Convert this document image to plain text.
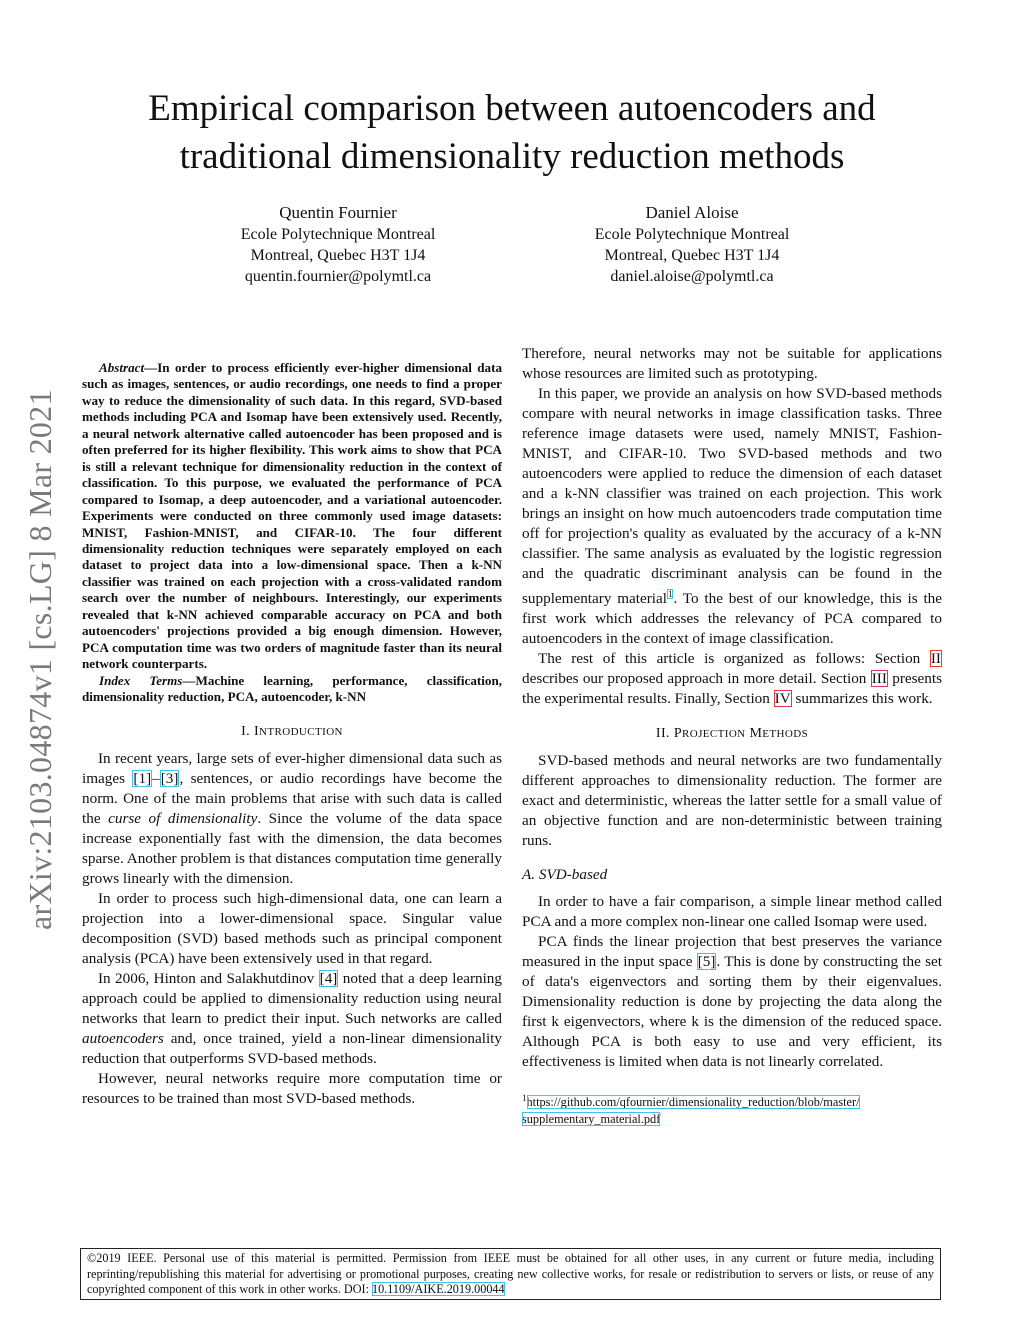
Empirical comparison between autoencoders and
traditional dimensionality reduction methods
Quentin Fournier
Ecole Polytechnique Montreal
Montreal, Quebec H3T 1J4
quentin.fournier@polymtl.ca
Daniel Aloise
Ecole Polytechnique Montreal
Montreal, Quebec H3T 1J4
daniel.aloise@polymtl.ca
arXiv:2103.04874v1 [cs.LG] 8 Mar 2021

Abstract—In order to process efficiently ever-higher dimensional data such as images, sentences, or audio recordings, one needs to find a proper way to reduce the dimensionality of such data. In this regard, SVD-based methods including PCA and Isomap have been extensively used. Recently, a neural network alternative called autoencoder has been proposed and is often preferred for its higher flexibility. This work aims to show that PCA is still a relevant technique for dimensionality reduction in the context of classification. To this purpose, we evaluated the performance of PCA compared to Isomap, a deep autoencoder, and a variational autoencoder. Experiments were conducted on three commonly used image datasets: MNIST, Fashion-MNIST, and CIFAR-10. The four different dimensionality reduction techniques were separately employed on each dataset to project data into a low-dimensional space. Then a k-NN classifier was trained on each projection with a cross-validated random search over the number of neighbours. Interestingly, our experiments revealed that k-NN achieved comparable accuracy on PCA and both autoencoders' projections provided a big enough dimension. However, PCA computation time was two orders of magnitude faster than its neural network counterparts.

Index Terms—Machine learning, performance, classification, dimensionality reduction, PCA, autoencoder, k-NN

I. INTRODUCTION

In recent years, large sets of ever-higher dimensional data such as images [1]–[3], sentences, or audio recordings have become the norm. One of the main problems that arise with such data is called the curse of dimensionality. Since the volume of the data space increase exponentially fast with the dimension, the data becomes sparse. Another problem is that distances computation time generally grows linearly with the dimension.

In order to process such high-dimensional data, one can learn a projection into a lower-dimensional space. Singular value decomposition (SVD) based methods such as principal component analysis (PCA) have been extensively used in that regard.

In 2006, Hinton and Salakhutdinov [4] noted that a deep learning approach could be applied to dimensionality reduction using neural networks that learn to predict their input. Such networks are called autoencoders and, once trained, yield a non-linear dimensionality reduction that outperforms SVD-based methods.

However, neural networks require more computation time or resources to be trained than most SVD-based methods.

Therefore, neural networks may not be suitable for applications whose resources are limited such as prototyping.

In this paper, we provide an analysis on how SVD-based methods compare with neural networks in image classification tasks. Three reference image datasets were used, namely MNIST, Fashion-MNIST, and CIFAR-10. Two SVD-based methods and two autoencoders were applied to reduce the dimension of each dataset and a k-NN classifier was trained on each projection. This work brings an insight on how much autoencoders trade computation time off for projection's quality as evaluated by the accuracy of a k-NN classifier. The same analysis as evaluated by the logistic regression and the quadratic discriminant analysis can be found in the supplementary material$^1$. To the best of our knowledge, this is the first work which addresses the relevancy of PCA compared to autoencoders in the context of image classification.

The rest of this article is organized as follows: Section II describes our proposed approach in more detail. Section III presents the experimental results. Finally, Section IV summarizes this work.

II. PROJECTION METHODS

SVD-based methods and neural networks are two fundamentally different approaches to dimensionality reduction. The former are exact and deterministic, whereas the latter settle for a small value of an objective function and are non-deterministic between training runs.

A. SVD-based

In order to have a fair comparison, a simple linear method called PCA and a more complex non-linear one called Isomap were used.

PCA finds the linear projection that best preserves the variance measured in the input space [5]. This is done by constructing the set of data's eigenvectors and sorting them by their eigenvalues. Dimensionality reduction is done by projecting the data along the first k eigenvectors, where k is the dimension of the reduced space. Although PCA is both easy to use and very efficient, its effectiveness is limited when data is not linearly correlated.

$^1$https://github.com/qfournier/dimensionality_reduction/blob/master/
supplementary_material.pdf
©2019 IEEE. Personal use of this material is permitted. Permission from IEEE must be obtained for all other uses, in any current or future media, including reprinting/republishing this material for advertising or promotional purposes, creating new collective works, for resale or redistribution to servers or lists, or reuse of any copyrighted component of this work in other works. DOI: 10.1109/AIKE.2019.00044
